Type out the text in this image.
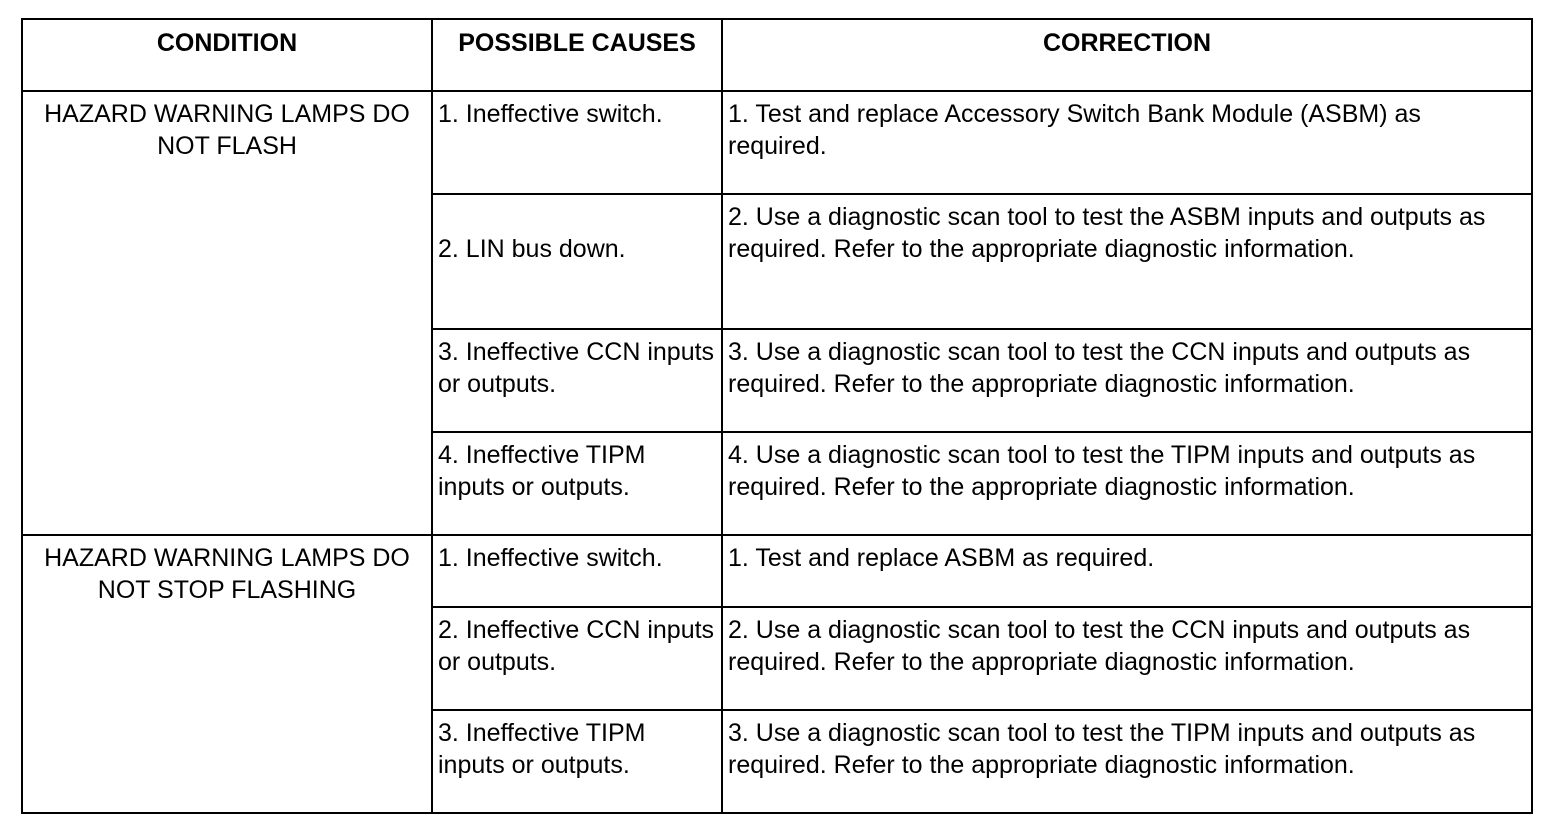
CONDITION	POSSIBLE CAUSES	CORRECTION
HAZARD WARNING LAMPS DO NOT FLASH	1. Ineffective switch.	1. Test and replace Accessory Switch Bank Module (ASBM) as required.
	2. LIN bus down.	2. Use a diagnostic scan tool to test the ASBM inputs and outputs as required. Refer to the appropriate diagnostic information.
	3. Ineffective CCN inputs or outputs.	3. Use a diagnostic scan tool to test the CCN inputs and outputs as required. Refer to the appropriate diagnostic information.
	4. Ineffective TIPM inputs or outputs.	4. Use a diagnostic scan tool to test the TIPM inputs and outputs as required. Refer to the appropriate diagnostic information.
HAZARD WARNING LAMPS DO NOT STOP FLASHING	1. Ineffective switch.	1. Test and replace ASBM as required.
	2. Ineffective CCN inputs or outputs.	2. Use a diagnostic scan tool to test the CCN inputs and outputs as required. Refer to the appropriate diagnostic information.
	3. Ineffective TIPM inputs or outputs.	3. Use a diagnostic scan tool to test the TIPM inputs and outputs as required. Refer to the appropriate diagnostic information.
